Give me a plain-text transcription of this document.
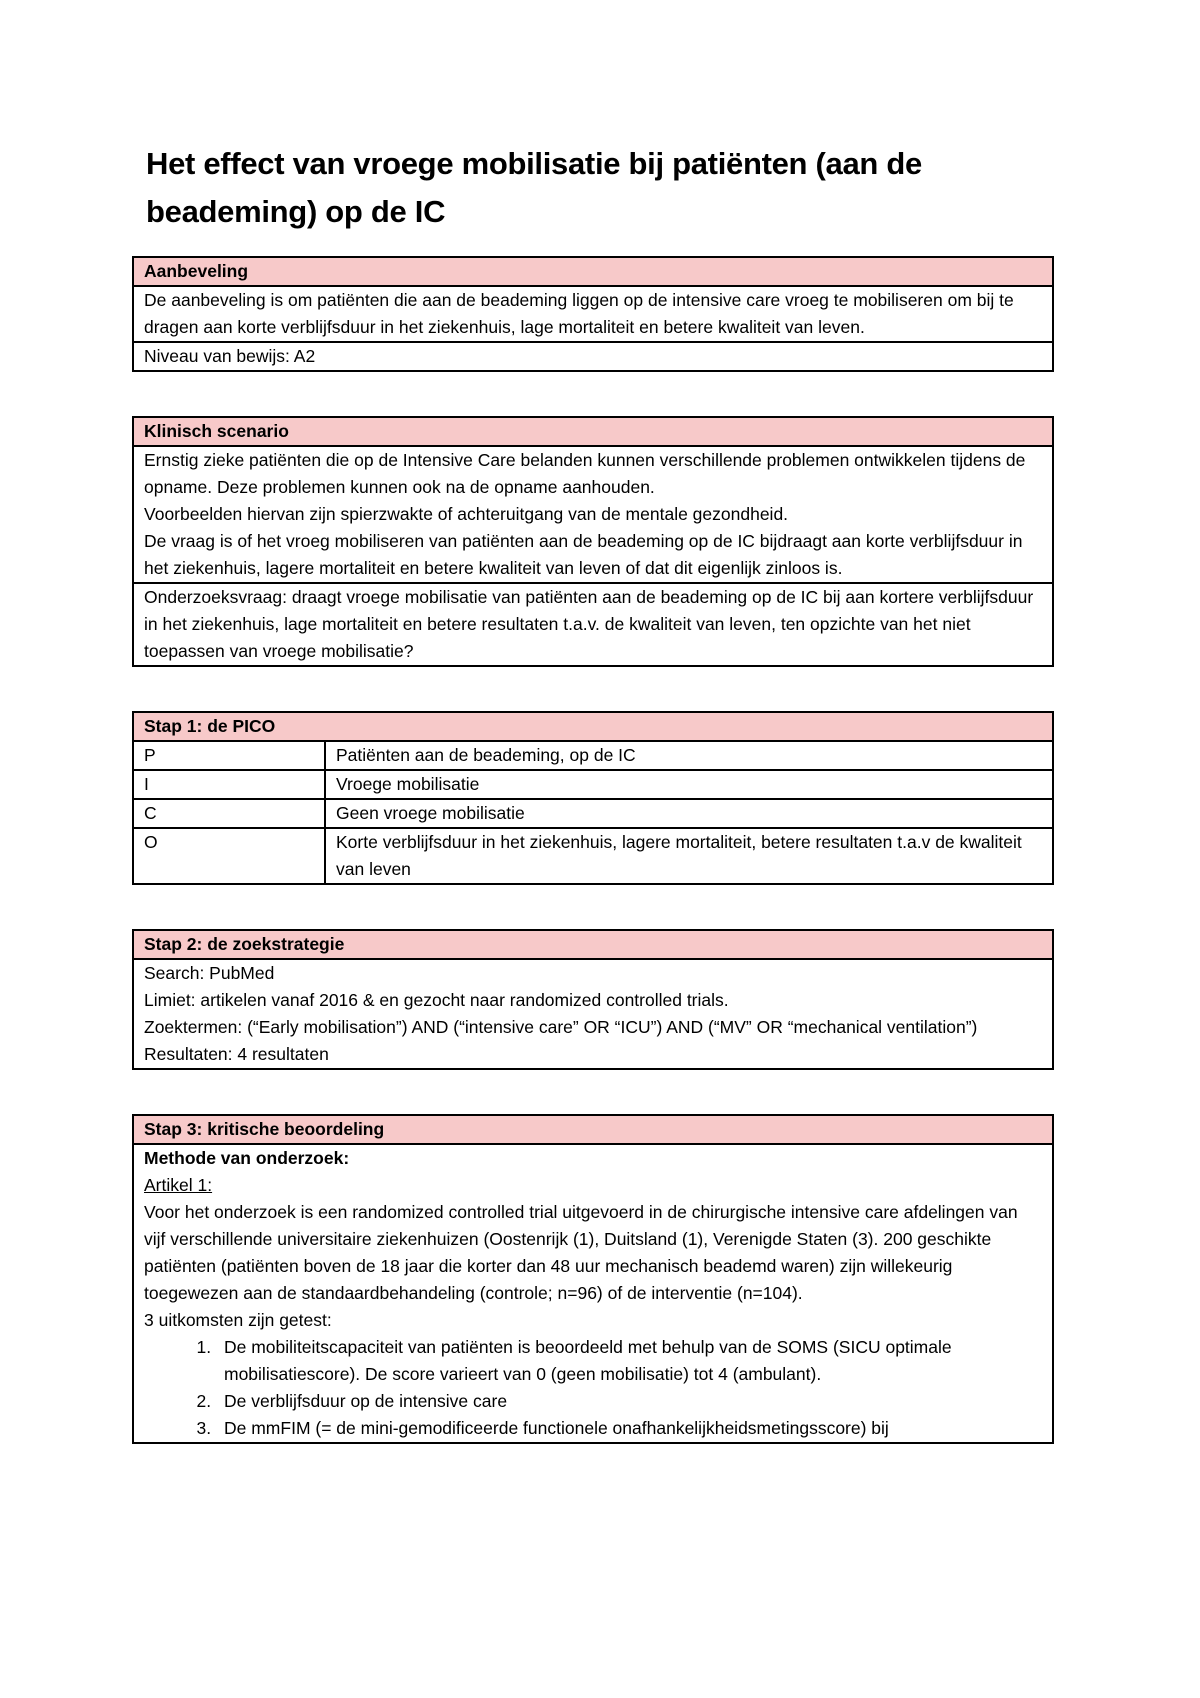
Het effect van vroege mobilisatie bij patiënten (aan de beademing) op de IC
Aanbeveling
De aanbeveling is om patiënten die aan de beademing liggen op de intensive care vroeg te mobiliseren om bij te dragen aan korte verblijfsduur in het ziekenhuis, lage mortaliteit en betere kwaliteit van leven.
Niveau van bewijs: A2
Klinisch scenario

Ernstig zieke patiënten die op de Intensive Care belanden kunnen verschillende problemen ontwikkelen tijdens de opname. Deze problemen kunnen ook na de opname aanhouden.
Voorbeelden hiervan zijn spierzwakte of achteruitgang van de mentale gezondheid.
De vraag is of het vroeg mobiliseren van patiënten aan de beademing op de IC bijdraagt aan korte verblijfsduur in het ziekenhuis, lagere mortaliteit en betere kwaliteit van leven of dat dit eigenlijk zinloos is.

Onderzoeksvraag: draagt vroege mobilisatie van patiënten aan de beademing op de IC bij aan kortere verblijfsduur in het ziekenhuis, lage mortaliteit en betere resultaten t.a.v. de kwaliteit van leven, ten opzichte van het niet toepassen van vroege mobilisatie?
Stap 1: de PICO	
P	Patiënten aan de beademing, op de IC
I	Vroege mobilisatie
C	Geen vroege mobilisatie
O	Korte verblijfsduur in het ziekenhuis, lagere mortaliteit, betere resultaten t.a.v de kwaliteit van leven
Stap 2: de zoekstrategie

Search: PubMed
Limiet: artikelen vanaf 2016 & en gezocht naar randomized controlled trials.
Zoektermen: (“Early mobilisation”) AND (“intensive care” OR “ICU”) AND (“MV” OR “mechanical ventilation”)
Resultaten: 4 resultaten
Stap 3: kritische beoordeling

Methode van onderzoek:
Artikel 1:
Voor het onderzoek is een randomized controlled trial uitgevoerd in de chirurgische intensive care afdelingen van vijf verschillende universitaire ziekenhuizen (Oostenrijk (1), Duitsland (1), Verenigde Staten (3). 200 geschikte patiënten (patiënten boven de 18 jaar die korter dan 48 uur mechanisch beademd waren) zijn willekeurig toegewezen aan de standaardbehandeling (controle; n=96) of de interventie (n=104).
3 uitkomsten zijn getest:
1. De mobiliteitscapaciteit van patiënten is beoordeeld met behulp van de SOMS (SICU optimale mobilisatiescore). De score varieert van 0 (geen mobilisatie) tot 4 (ambulant).
2. De verblijfsduur op de intensive care
3. De mmFIM (= de mini-gemodificeerde functionele onafhankelijkheidsmetingsscore) bij
